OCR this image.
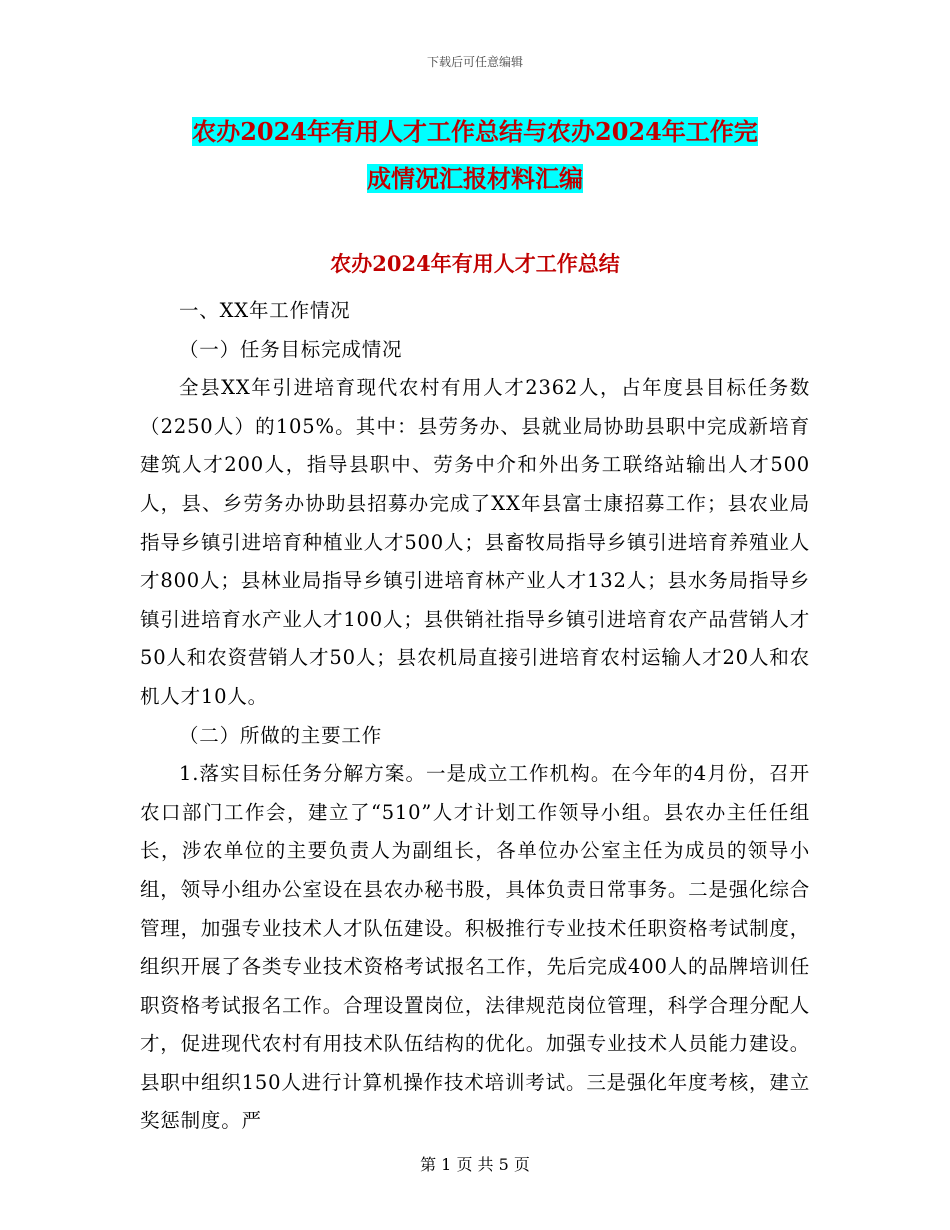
下载后可任意编辑
农办2024年有用人才工作总结与农办2024年工作完
成情况汇报材料汇编
农办2024年有用人才工作总结

一、XX年工作情况

（一）任务目标完成情况

全县XX年引进培育现代农村有用人才2362人，占年度县目标任务数（2250人）的105%。其中：县劳务办、县就业局协助县职中完成新培育建筑人才200人，指导县职中、劳务中介和外出务工联络站输出人才500人，县、乡劳务办协助县招募办完成了XX年县富士康招募工作；县农业局指导乡镇引进培育种植业人才500人；县畜牧局指导乡镇引进培育养殖业人才800人；县林业局指导乡镇引进培育林产业人才132人；县水务局指导乡镇引进培育水产业人才100人；县供销社指导乡镇引进培育农产品营销人才50人和农资营销人才50人；县农机局直接引进培育农村运输人才20人和农机人才10人。

（二）所做的主要工作

1.落实目标任务分解方案。一是成立工作机构。在今年的4月份，召开农口部门工作会，建立了“510”人才计划工作领导小组。县农办主任任组长，涉农单位的主要负责人为副组长，各单位办公室主任为成员的领导小组，领导小组办公室设在县农办秘书股，具体负责日常事务。二是强化综合管理，加强专业技术人才队伍建设。积极推行专业技术任职资格考试制度，组织开展了各类专业技术资格考试报名工作，先后完成400人的品牌培训任职资格考试报名工作。合理设置岗位，法律规范岗位管理，科学合理分配人才，促进现代农村有用技术队伍结构的优化。加强专业技术人员能力建设。县职中组织150人进行计算机操作技术培训考试。三是强化年度考核，建立奖惩制度。严

第 1 页 共 5 页
